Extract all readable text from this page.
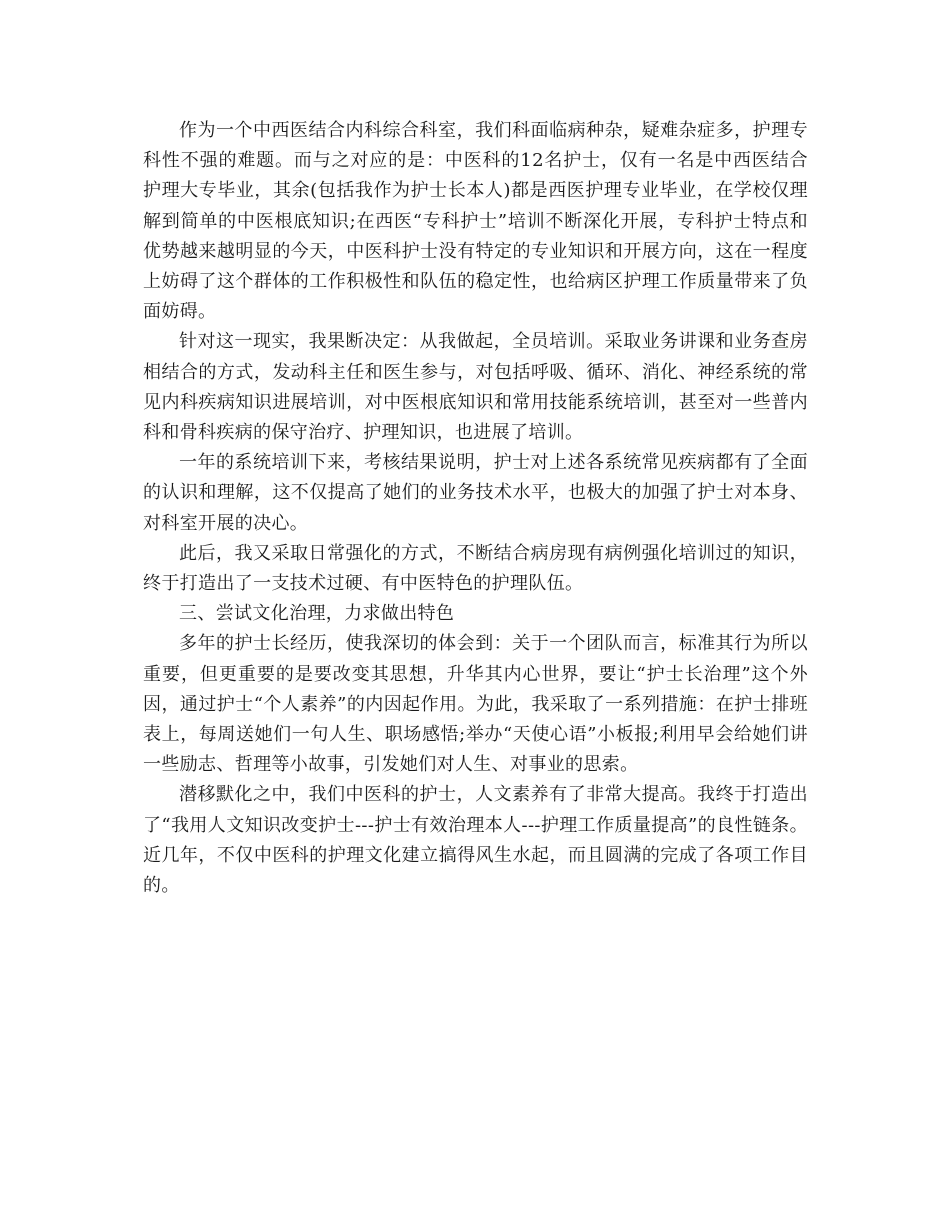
作为一个中西医结合内科综合科室，我们科面临病种杂，疑难杂症多，护理专科性不强的难题。而与之对应的是：中医科的12名护士，仅有一名是中西医结合护理大专毕业，其余(包括我作为护士长本人)都是西医护理专业毕业，在学校仅理解到简单的中医根底知识;在西医“专科护士”培训不断深化开展，专科护士特点和优势越来越明显的今天，中医科护士没有特定的专业知识和开展方向，这在一程度上妨碍了这个群体的工作积极性和队伍的稳定性，也给病区护理工作质量带来了负面妨碍。

针对这一现实，我果断决定：从我做起，全员培训。采取业务讲课和业务查房相结合的方式，发动科主任和医生参与，对包括呼吸、循环、消化、神经系统的常见内科疾病知识进展培训，对中医根底知识和常用技能系统培训，甚至对一些普内科和骨科疾病的保守治疗、护理知识，也进展了培训。

一年的系统培训下来，考核结果说明，护士对上述各系统常见疾病都有了全面的认识和理解，这不仅提高了她们的业务技术水平，也极大的加强了护士对本身、对科室开展的决心。

此后，我又采取日常强化的方式，不断结合病房现有病例强化培训过的知识，终于打造出了一支技术过硬、有中医特色的护理队伍。

三、尝试文化治理，力求做出特色

多年的护士长经历，使我深切的体会到：关于一个团队而言，标准其行为所以重要，但更重要的是要改变其思想，升华其内心世界，要让“护士长治理”这个外因，通过护士“个人素养”的内因起作用。为此，我采取了一系列措施：在护士排班表上，每周送她们一句人生、职场感悟;举办“天使心语”小板报;利用早会给她们讲一些励志、哲理等小故事，引发她们对人生、对事业的思索。

潜移默化之中，我们中医科的护士，人文素养有了非常大提高。我终于打造出了“我用人文知识改变护士---护士有效治理本人---护理工作质量提高”的良性链条。近几年，不仅中医科的护理文化建立搞得风生水起，而且圆满的完成了各项工作目的。
